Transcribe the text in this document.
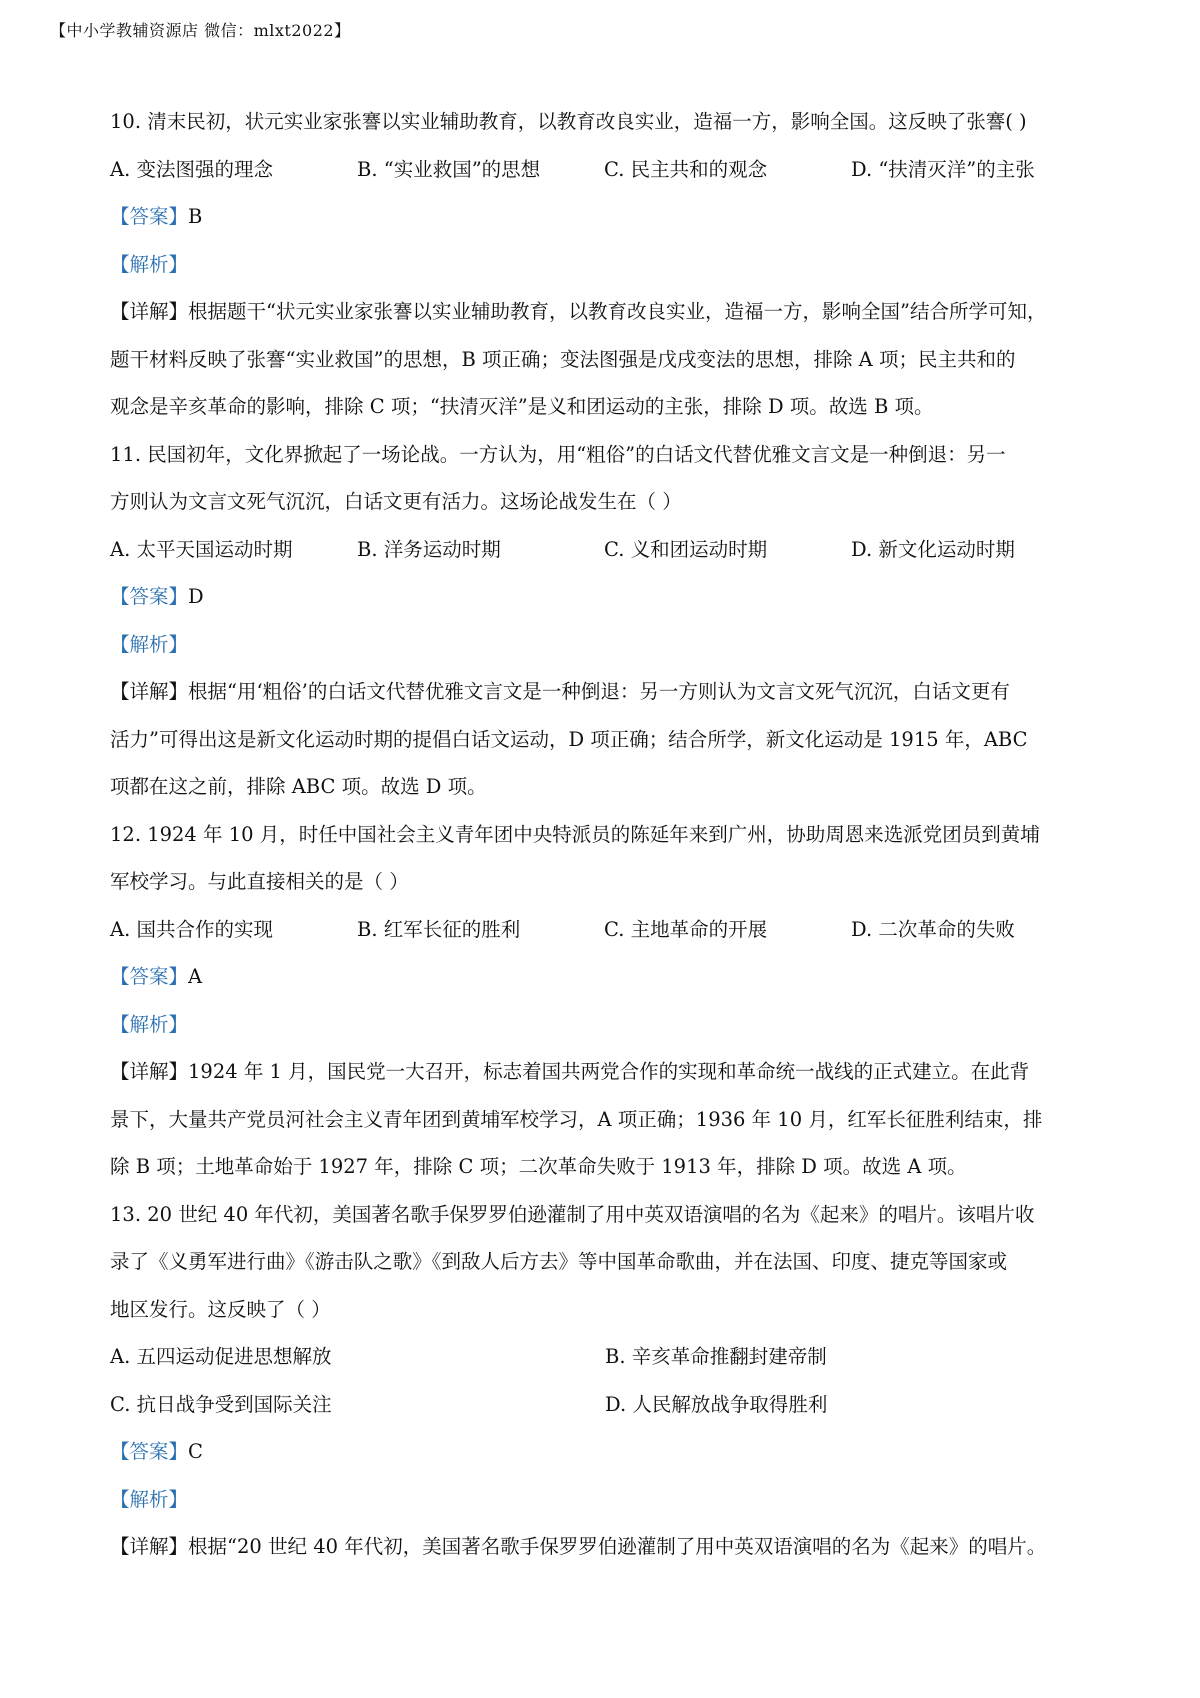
【中小学教辅资源店 微信：mlxt2022】
10. 清末民初，状元实业家张謇以实业辅助教育，以教育改良实业，造福一方，影响全国。这反映了张謇( )
A. 变法图强的理念	B. “实业救国”的思想	C. 民主共和的观念	D. “扶清灭洋”的主张
【答案】B
【解析】
【详解】根据题干“状元实业家张謇以实业辅助教育，以教育改良实业，造福一方，影响全国”结合所学可知，
题干材料反映了张謇“实业救国”的思想，B 项正确；变法图强是戊戌变法的思想，排除 A 项；民主共和的
观念是辛亥革命的影响，排除 C 项；“扶清灭洋”是义和团运动的主张，排除 D 项。故选 B 项。
11. 民国初年，文化界掀起了一场论战。一方认为，用“粗俗”的白话文代替优雅文言文是一种倒退：另一
方则认为文言文死气沉沉，白话文更有活力。这场论战发生在（ ）
A. 太平天国运动时期	B. 洋务运动时期	C. 义和团运动时期	D. 新文化运动时期
【答案】D
【解析】
【详解】根据“用‘粗俗’的白话文代替优雅文言文是一种倒退：另一方则认为文言文死气沉沉，白话文更有
活力”可得出这是新文化运动时期的提倡白话文运动，D 项正确；结合所学，新文化运动是 1915 年，ABC
项都在这之前，排除 ABC 项。故选 D 项。
12. 1924 年 10 月，时任中国社会主义青年团中央特派员的陈延年来到广州，协助周恩来选派党团员到黄埔
军校学习。与此直接相关的是（ ）
A. 国共合作的实现	B. 红军长征的胜利	C. 主地革命的开展	D. 二次革命的失败
【答案】A
【解析】
【详解】1924 年 1 月，国民党一大召开，标志着国共两党合作的实现和革命统一战线的正式建立。在此背
景下，大量共产党员河社会主义青年团到黄埔军校学习，A 项正确；1936 年 10 月，红军长征胜利结束，排
除 B 项；土地革命始于 1927 年，排除 C 项；二次革命失败于 1913 年，排除 D 项。故选 A 项。
13. 20 世纪 40 年代初，美国著名歌手保罗罗伯逊灌制了用中英双语演唱的名为《起来》的唱片。该唱片收
录了《义勇军进行曲》《游击队之歌》《到敌人后方去》等中国革命歌曲，并在法国、印度、捷克等国家或
地区发行。这反映了（ ）
A. 五四运动促进思想解放	B. 辛亥革命推翻封建帝制
C. 抗日战争受到国际关注	D. 人民解放战争取得胜利
【答案】C
【解析】
【详解】根据“20 世纪 40 年代初，美国著名歌手保罗罗伯逊灌制了用中英双语演唱的名为《起来》的唱片。
